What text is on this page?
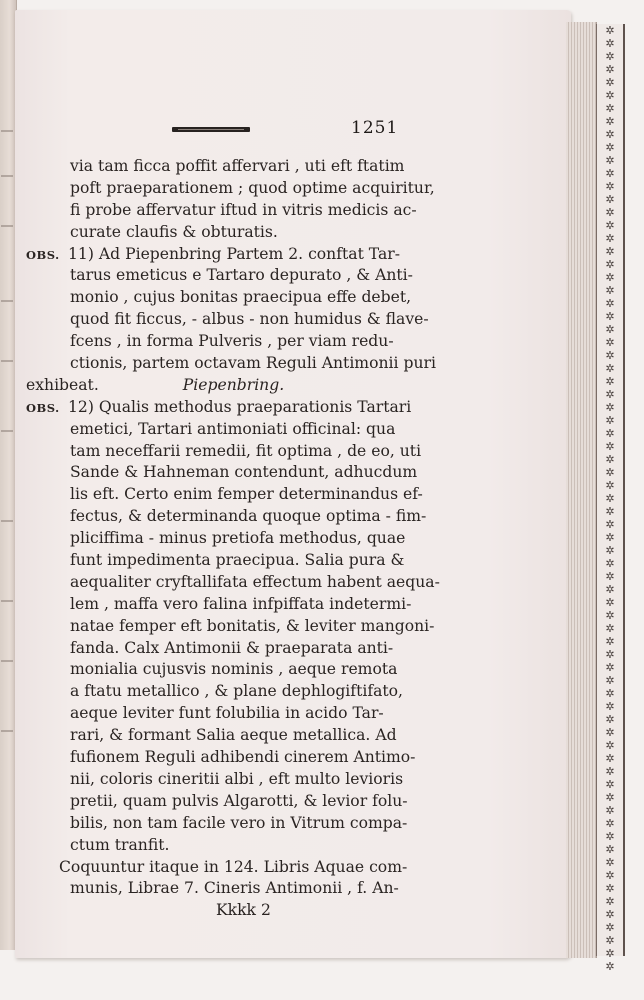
✲
✲
✲
✲
✲
✲
✲
✲
✲
✲
✲
✲
✲
✲
✲
✲
✲
✲
✲
✲
✲
✲
✲
✲
✲
✲
✲
✲
✲
✲
✲
✲
✲
✲
✲
✲
✲
✲
✲
✲
✲
✲
✲
✲
✲
✲
✲
✲
✲
✲
✲
✲
✲
✲
✲
✲
✲
✲
✲
✲
✲
✲
✲
✲
✲
✲
✲
✲
✲
✲
✲
✲
✲
1251
via tam ficca poffit affervari , uti eft ftatim
poft praeparationem ; quod optime acquiritur,
fi probe affervatur iftud in vitris medicis ac-
curate claufis & obturatis.
OBS. 11) Ad Piepenbring Partem 2. conftat Tar-
tarus emeticus e Tartaro depurato , & Anti-
monio , cujus bonitas praecipua effe debet,
quod fit ficcus, - albus - non humidus & flave-
fcens , in forma Pulveris , per viam redu-
ctionis, partem octavam Reguli Antimonii puri
exhibeat.	Piepenbring.
OBS. 12) Qualis methodus praeparationis Tartari
emetici, Tartari antimoniati officinal: qua
tam neceffarii remedii, fit optima , de eo, uti
Sande & Hahneman contendunt, adhucdum
lis eft. Certo enim femper determinandus ef-
fectus, & determinanda quoque optima - fim-
pliciffima - minus pretiofa methodus, quae
funt impedimenta praecipua. Salia pura &
aequaliter cryftallifata effectum habent aequa-
lem , maffa vero falina infpiffata indetermi-
natae femper eft bonitatis, & leviter mangoni-
fanda. Calx Antimonii & praeparata anti-
monialia cujusvis nominis , aeque remota
a ftatu metallico , & plane dephlogiftifato,
aeque leviter funt folubilia in acido Tar-
rari, & formant Salia aeque metallica. Ad
fufionem Reguli adhibendi cinerem Antimo-
nii, coloris cineritii albi , eft multo levioris
pretii, quam pulvis Algarotti, & levior folu-
bilis, non tam facile vero in Vitrum compa-
ctum tranfit.
Coquuntur itaque in 124. Libris Aquae com-
munis, Librae 7. Cineris Antimonii , f. An-
Kkkk 2
